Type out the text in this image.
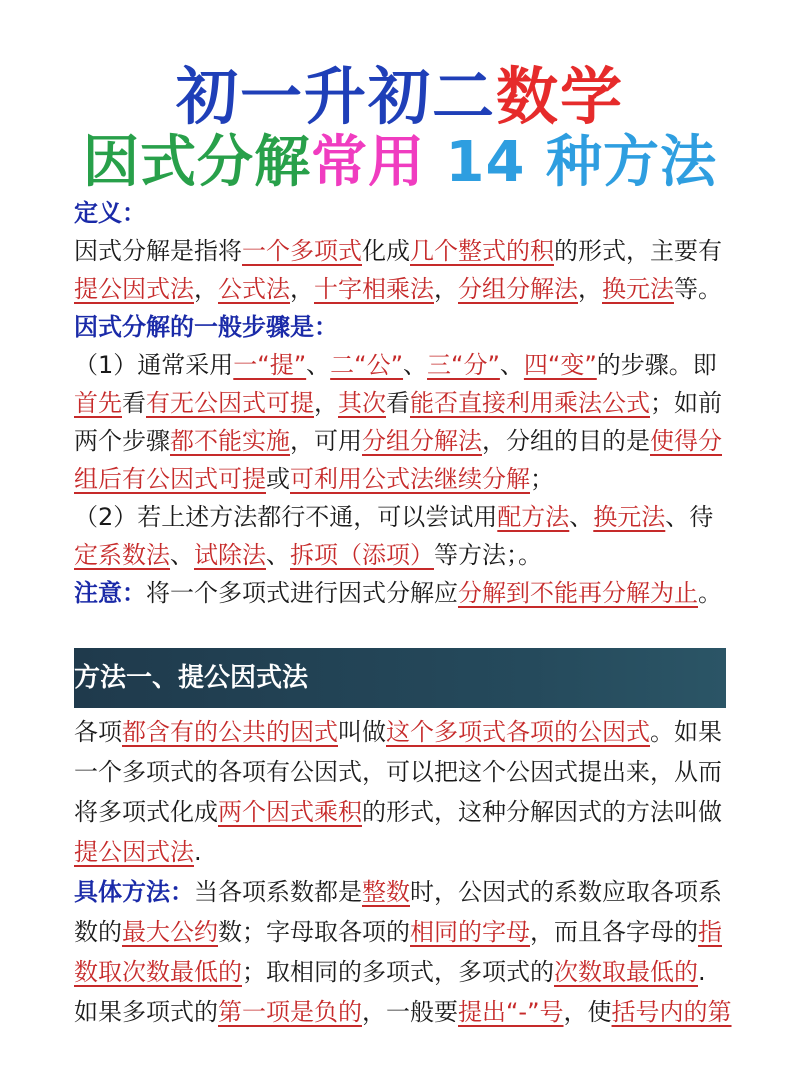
初一升初二数学
因式分解常用 14 种方法

定义：
因式分解是指将一个多项式化成几个整式的积的形式，主要有提公因式法，公式法，十字相乘法，分组分解法，换元法等。

因式分解的一般步骤是：
（1）通常采用一“提”、二“公”、三“分”、四“变”的步骤。即首先看有无公因式可提，其次看能否直接利用乘法公式；如前两个步骤都不能实施，可用分组分解法，分组的目的是使得分组后有公因式可提或可利用公式法继续分解；
（2）若上述方法都行不通，可以尝试用配方法、换元法、待定系数法、试除法、拆项（添项）等方法；。

注意：将一个多项式进行因式分解应分解到不能再分解为止。

方法一、提公因式法

各项都含有的公共的因式叫做这个多项式各项的公因式。如果一个多项式的各项有公因式，可以把这个公因式提出来，从而将多项式化成两个因式乘积的形式，这种分解因式的方法叫做提公因式法.

具体方法：当各项系数都是整数时，公因式的系数应取各项系数的最大公约数；字母取各项的相同的字母，而且各字母的指数取次数最低的；取相同的多项式，多项式的次数取最低的.

如果多项式的第一项是负的，一般要提出“-”号，使括号内的第
